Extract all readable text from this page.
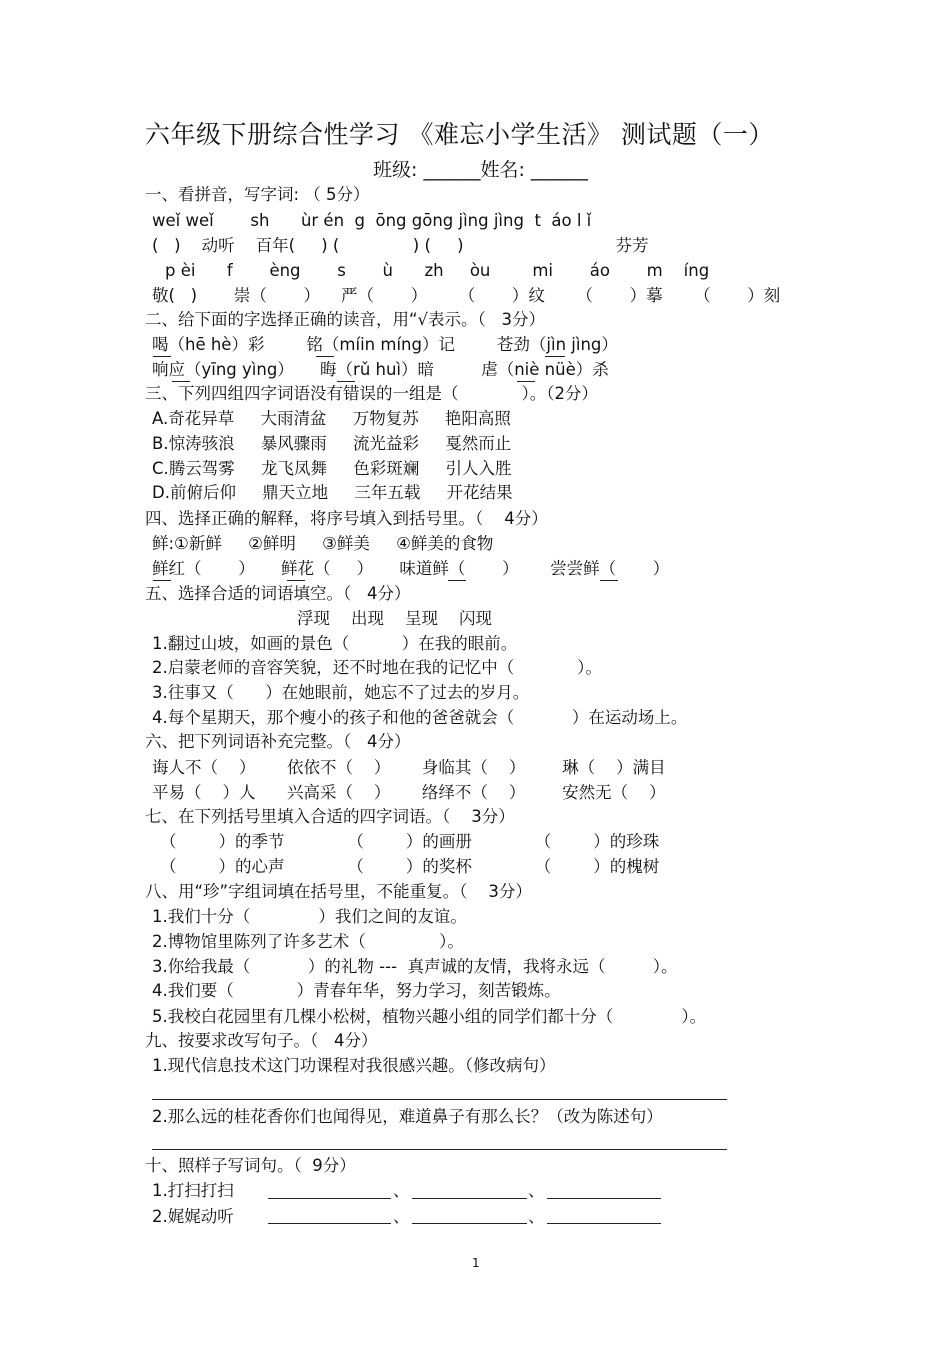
六年级下册综合性学习 《难忘小学生活》 测试题（一）
班级: ______姓名: ______
一、看拼音，写字词: （ 5分）
weǐ weǐ       sh      ùr én  g  ōng gōng jìng jìng  t  áo l ǐ
(   )    动听    百年(     ) (              ) (     )                             芬芳
p èi      f       èng       s       ù      zh     òu        mi       áo       m    íng
敬(   )       崇（       ）    严（       ）      （       ）纹      （       ）摹      （       ）刻
二、给下面的字选择正确的读音，用“√表示。（   3分）
喝（hē hè）彩        铭（míin míng）记        苍劲（jìn jìng）
响应（yīng yìng）     晦（rǔ huì）暗         虐（niè nüè）杀
三、下列四组四字词语没有错误的一组是（            ）。（2分）
A.奇花异草     大雨清盆     万物复苏     艳阳高照
B.惊涛骇浪     暴风骤雨     流光益彩     戛然而止
C.腾云驾雾     龙飞凤舞     色彩斑斓     引人入胜
D.前俯后仰     鼎天立地     三年五载     开花结果
四、选择正确的解释，将序号填入到括号里。（    4分）
鲜:①新鲜     ②鲜明     ③鲜美     ④鲜美的食物
鲜红（       ）     鲜花（     ）     味道鲜（       ）      尝尝鲜（       ）
五、选择合适的词语填空。（   4分）
浮现    出现    呈现    闪现
1.翻过山坡，如画的景色（          ）在我的眼前。
2.启蒙老师的音容笑貌，还不时地在我的记忆中（            ）。
3.往事又（      ）在她眼前，她忘不了过去的岁月。
4.每个星期天，那个瘦小的孩子和他的爸爸就会（           ）在运动场上。
六、把下列词语补充完整。（   4分）
诲人不（    ）      依依不（    ）      身临其（    ）       琳（    ）满目
平易（    ）人      兴高采（    ）      络绎不（    ）       安然无（    ）
七、在下列括号里填入合适的四字词语。（    3分）
（        ）的季节            （        ）的画册            （        ）的珍珠
（        ）的心声            （        ）的奖杯            （        ）的槐树
八、用“珍”字组词填在括号里，不能重复。（    3分）
1.我们十分（             ）我们之间的友谊。
2.博物馆里陈列了许多艺术（              ）。
3.你给我最（           ）的礼物 ---  真声诚的友情，我将永远（         ）。
4.我们要（            ）青春年华，努力学习，刻苦锻炼。
5.我校白花园里有几棵小松树，植物兴趣小组的同学们都十分（             ）。
九、按要求改写句子。（   4分）
1.现代信息技术这门功课程对我很感兴趣。（修改病句）
2.那么远的桂花香你们也闻得见，难道鼻子有那么长？（改为陈述句）
十、照样子写词句。（  9分）
1.打扫打扫	、	、
2.娓娓动听	、	、
1
